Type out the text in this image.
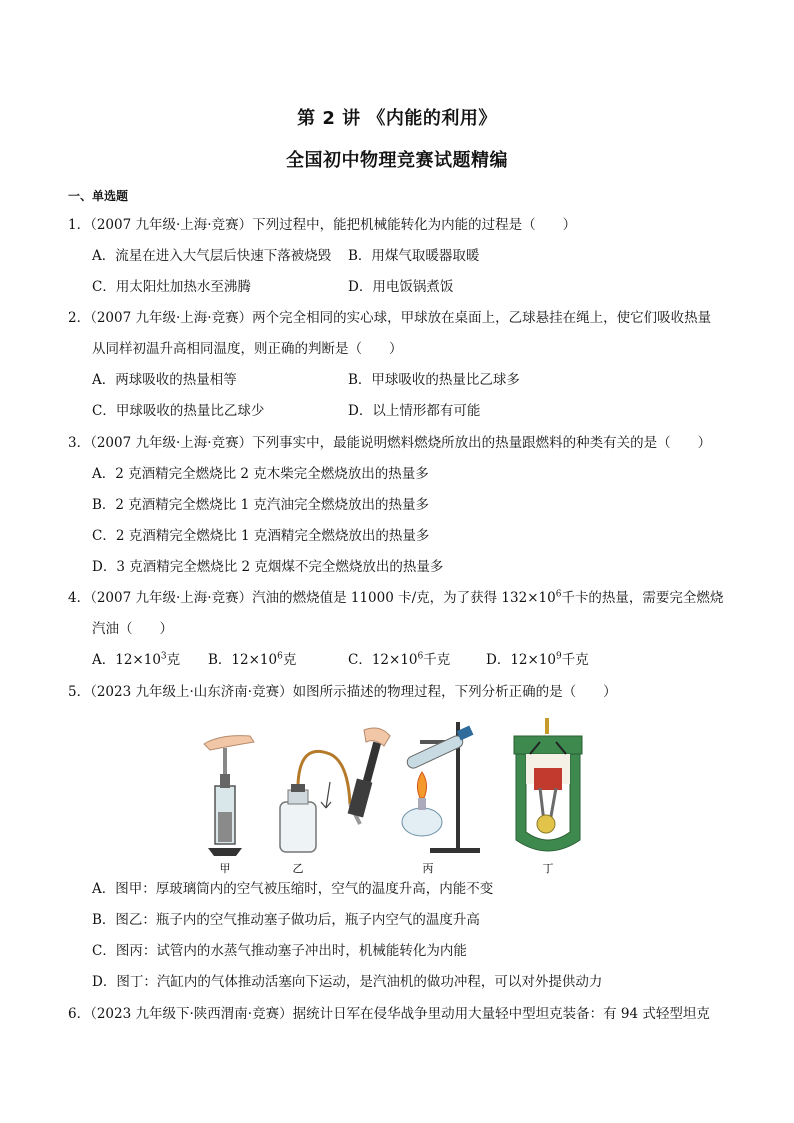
第 2 讲 《内能的利用》
全国初中物理竞赛试题精编
一、单选题
1．（2007 九年级·上海·竞赛）下列过程中，能把机械能转化为内能的过程是（　　）
A．流星在进入大气层后快速下落被烧毁 B．用煤气取暖器取暖
C．用太阳灶加热水至沸腾	D．用电饭锅煮饭
2．（2007 九年级·上海·竞赛）两个完全相同的实心球，甲球放在桌面上，乙球悬挂在绳上，使它们吸收热量
从同样初温升高相同温度，则正确的判断是（　　）
A．两球吸收的热量相等	B．甲球吸收的热量比乙球多
C．甲球吸收的热量比乙球少	D．以上情形都有可能
3．（2007 九年级·上海·竞赛）下列事实中，最能说明燃料燃烧所放出的热量跟燃料的种类有关的是（　　）
A．2 克酒精完全燃烧比 2 克木柴完全燃烧放出的热量多
B．2 克酒精完全燃烧比 1 克汽油完全燃烧放出的热量多
C．2 克酒精完全燃烧比 1 克酒精完全燃烧放出的热量多
D．3 克酒精完全燃烧比 2 克烟煤不完全燃烧放出的热量多
4．（2007 九年级·上海·竞赛）汽油的燃烧值是 11000 卡/克，为了获得 $132\times 10^6$千卡的热量，需要完全燃烧
汽油（　　）
A．$12\times 10^3$克 B．$12\times 10^6$克	C．$12\times 10^6$千克	D．$12\times 10^9$千克
5．（2023 九年级上·山东济南·竞赛）如图所示描述的物理过程，下列分析正确的是（　　）
甲	乙	丙	丁
A．图甲：厚玻璃筒内的空气被压缩时，空气的温度升高，内能不变
B．图乙：瓶子内的空气推动塞子做功后，瓶子内空气的温度升高
C．图丙：试管内的水蒸气推动塞子冲出时，机械能转化为内能
D．图丁：汽缸内的气体推动活塞向下运动，是汽油机的做功冲程，可以对外提供动力
6．（2023 九年级下·陕西渭南·竞赛）据统计日军在侵华战争里动用大量轻中型坦克装备：有 94 式轻型坦克
